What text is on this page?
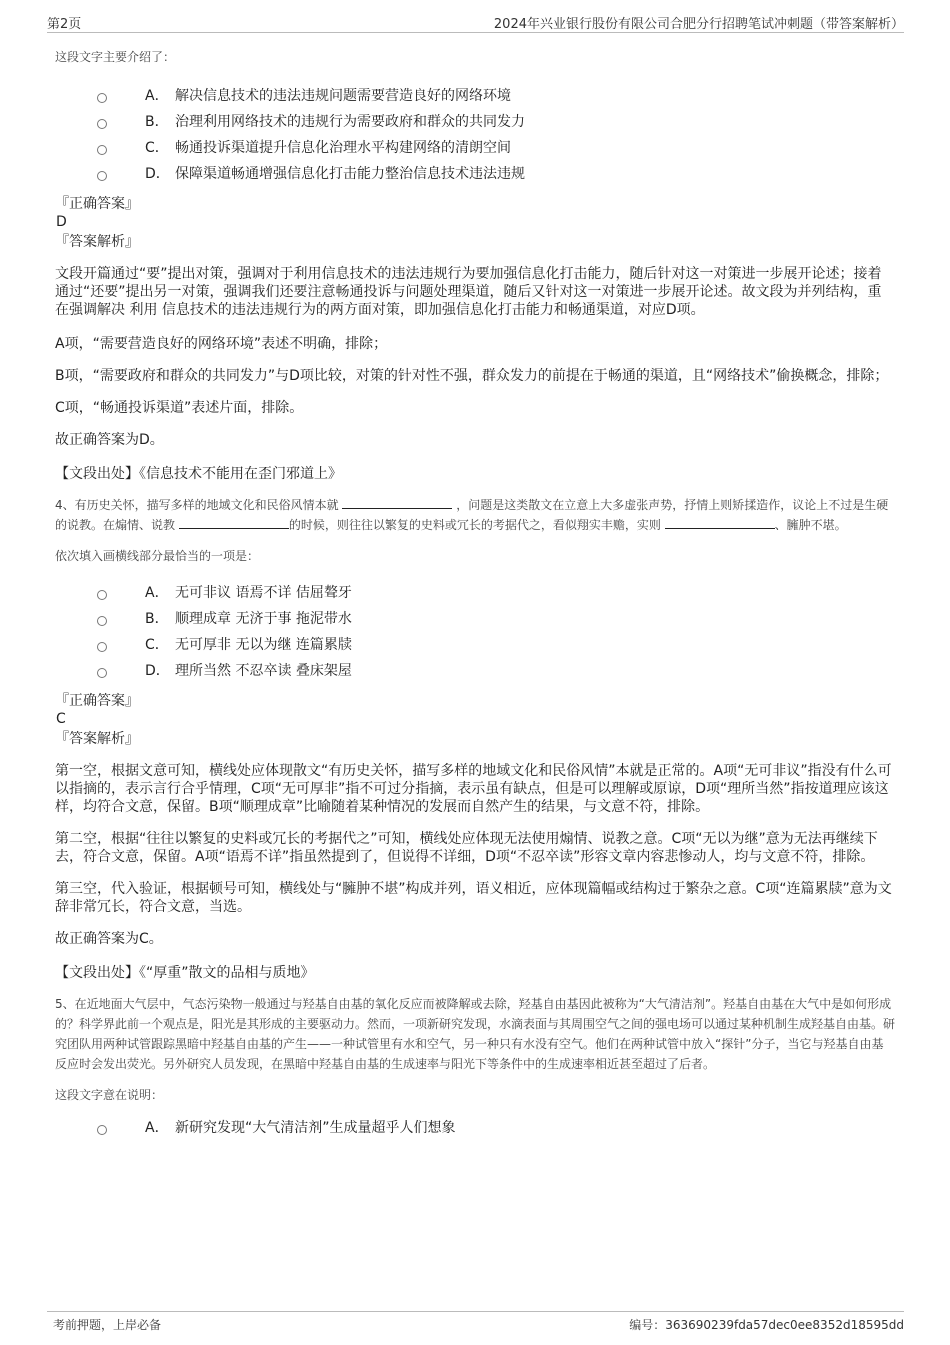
第2页	2024年兴业银行股份有限公司合肥分行招聘笔试冲刺题（带答案解析）

这段文字主要介绍了：

A． 解决信息技术的违法违规问题需要营造良好的网络环境
B． 治理利用网络技术的违规行为需要政府和群众的共同发力
C． 畅通投诉渠道提升信息化治理水平构建网络的清朗空间
D． 保障渠道畅通增强信息化打击能力整治信息技术违法违规

『正确答案』

D

『答案解析』

文段开篇通过“要”提出对策，强调对于利用信息技术的违法违规行为要加强信息化打击能力，随后针对这一对策进一步展开论述；接着通过“还要”提出另一对策，强调我们还要注意畅通投诉与问题处理渠道，随后又针对这一对策进一步展开论述。故文段为并列结构，重在强调解决 利用 信息技术的违法违规行为的两方面对策，即加强信息化打击能力和畅通渠道，对应D项。

A项，“需要营造良好的网络环境”表述不明确，排除；

B项，“需要政府和群众的共同发力”与D项比较，对策的针对性不强，群众发力的前提在于畅通的渠道，且“网络技术”偷换概念，排除；

C项，“畅通投诉渠道”表述片面，排除。

故正确答案为D。

【文段出处】《信息技术不能用在歪门邪道上》

4、有历史关怀，描写多样的地域文化和民俗风情本就	，问题是这类散文在立意上大多虚张声势，抒情上则矫揉造作，议论上不过是生硬的说教。在煽情、说教	的时候，则往往以繁复的史料或冗长的考据代之，看似翔实丰赡，实则	、臃肿不堪。

依次填入画横线部分最恰当的一项是：

A． 无可非议 语焉不详 佶屈聱牙
B． 顺理成章 无济于事 拖泥带水
C． 无可厚非 无以为继 连篇累牍
D． 理所当然 不忍卒读 叠床架屋

『正确答案』

C

『答案解析』

第一空，根据文意可知，横线处应体现散文“有历史关怀，描写多样的地域文化和民俗风情”本就是正常的。A项“无可非议”指没有什么可以指摘的，表示言行合乎情理，C项“无可厚非”指不可过分指摘，表示虽有缺点，但是可以理解或原谅，D项“理所当然”指按道理应该这样，均符合文意，保留。B项“顺理成章”比喻随着某种情况的发展而自然产生的结果，与文意不符，排除。

第二空，根据“往往以繁复的史料或冗长的考据代之”可知，横线处应体现无法使用煽情、说教之意。C项“无以为继”意为无法再继续下去，符合文意，保留。A项“语焉不详”指虽然提到了，但说得不详细，D项“不忍卒读”形容文章内容悲惨动人，均与文意不符，排除。

第三空，代入验证，根据顿号可知，横线处与“臃肿不堪”构成并列，语义相近，应体现篇幅或结构过于繁杂之意。C项“连篇累牍”意为文辞非常冗长，符合文意，当选。

故正确答案为C。

【文段出处】《“厚重”散文的品相与质地》

5、在近地面大气层中，气态污染物一般通过与羟基自由基的氧化反应而被降解或去除，羟基自由基因此被称为“大气清洁剂”。羟基自由基在大气中是如何形成的？科学界此前一个观点是，阳光是其形成的主要驱动力。然而，一项新研究发现，水滴表面与其周围空气之间的强电场可以通过某种机制生成羟基自由基。研究团队用两种试管跟踪黑暗中羟基自由基的产生——一种试管里有水和空气，另一种只有水没有空气。他们在两种试管中放入“探针”分子，当它与羟基自由基反应时会发出荧光。另外研究人员发现，在黑暗中羟基自由基的生成速率与阳光下等条件中的生成速率相近甚至超过了后者。

这段文字意在说明：

A． 新研究发现“大气清洁剂”生成量超乎人们想象
考前押题，上岸必备	编号：363690239fda57dec0ee8352d18595dd
